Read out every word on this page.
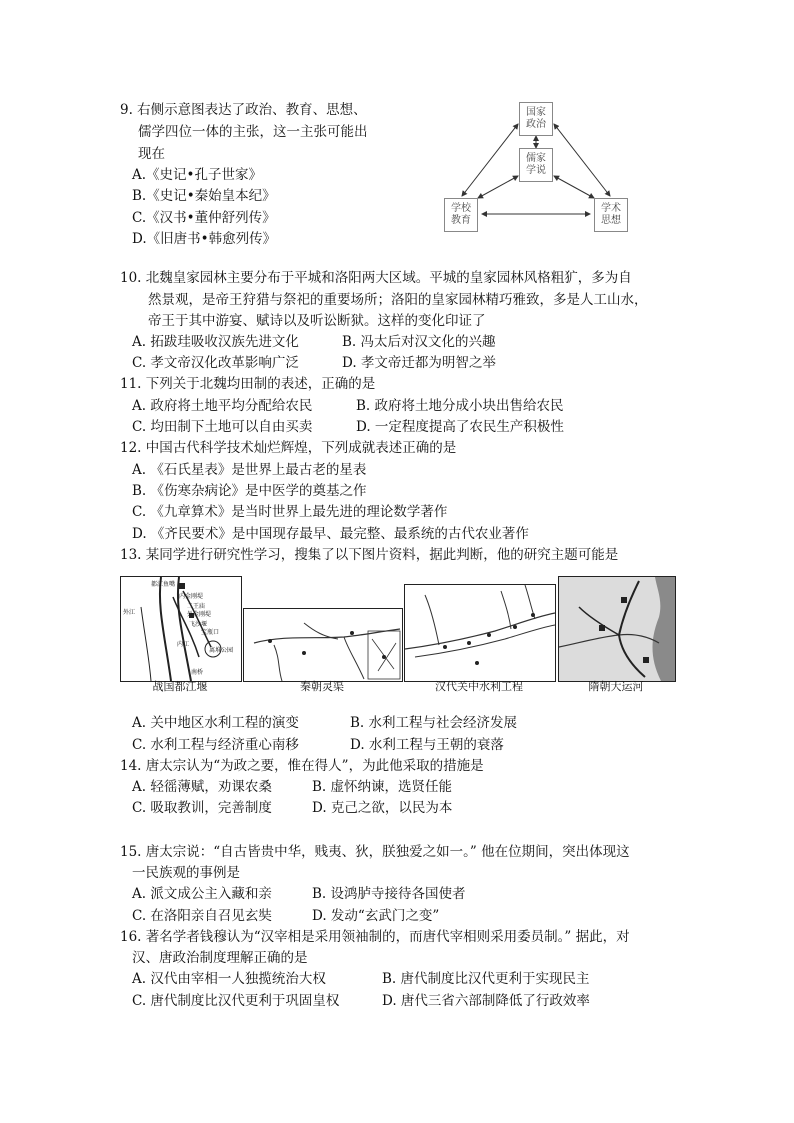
9. 右侧示意图表达了政治、教育、思想、
儒学四位一体的主张，这一主张可能出
现在
A.《史记•孔子世家》
B.《史记•秦始皇本纪》
C.《汉书•董仲舒列传》
D.《旧唐书•韩愈列传》
国家
政治
儒家
学说
学校
教育
学术
思想
10. 北魏皇家园林主要分布于平城和洛阳两大区域。平城的皇家园林风格粗犷，多为自
然景观，是帝王狩猎与祭祀的重要场所；洛阳的皇家园林精巧雅致，多是人工山水，
帝王于其中游宴、赋诗以及听讼断狱。这样的变化印证了
A. 拓跋珪吸收汉族先进文化	B. 冯太后对汉文化的兴趣
C. 孝文帝汉化改革影响广泛	D. 孝文帝迁都为明智之举
11. 下列关于北魏均田制的表述，正确的是
A. 政府将土地平均分配给农民	B. 政府将土地分成小块出售给农民
C. 均田制下土地可以自由买卖	D. 一定程度提高了农民生产积极性
12. 中国古代科学技术灿烂辉煌，下列成就表述正确的是
A. 《石氏星表》是世界上最古老的星表
B. 《伤寒杂病论》是中医学的奠基之作
C. 《九章算术》是当时世界上最先进的理论数学著作
D. 《齐民要术》是中国现存最早、最完整、最系统的古代农业著作
13. 某同学进行研究性学习，搜集了以下图片资料，据此判断，他的研究主题可能是
都江鱼嘴
内金刚堤
二王庙
外金刚堤
飞沙堰
宝瓶口
离堆公园
外江
内江
南桥
战国都江堰	秦朝灵渠	汉代关中水利工程	隋朝大运河
A. 关中地区水利工程的演变	B. 水利工程与社会经济发展
C. 水利工程与经济重心南移	D. 水利工程与王朝的衰落
14. 唐太宗认为“为政之要，惟在得人”，为此他采取的措施是
A. 轻徭薄赋，劝课农桑	B. 虚怀纳谏，选贤任能
C. 吸取教训，完善制度	D. 克己之欲，以民为本
15. 唐太宗说：“自古皆贵中华，贱夷、狄，朕独爱之如一。” 他在位期间，突出体现这
一民族观的事例是
A. 派文成公主入藏和亲	B. 设鸿胪寺接待各国使者
C. 在洛阳亲自召见玄奘	D. 发动“玄武门之变”
16. 著名学者钱穆认为“汉宰相是采用领袖制的，而唐代宰相则采用委员制。” 据此，对
汉、唐政治制度理解正确的是
A. 汉代由宰相一人独揽统治大权	B. 唐代制度比汉代更利于实现民主
C. 唐代制度比汉代更利于巩固皇权	D. 唐代三省六部制降低了行政效率
